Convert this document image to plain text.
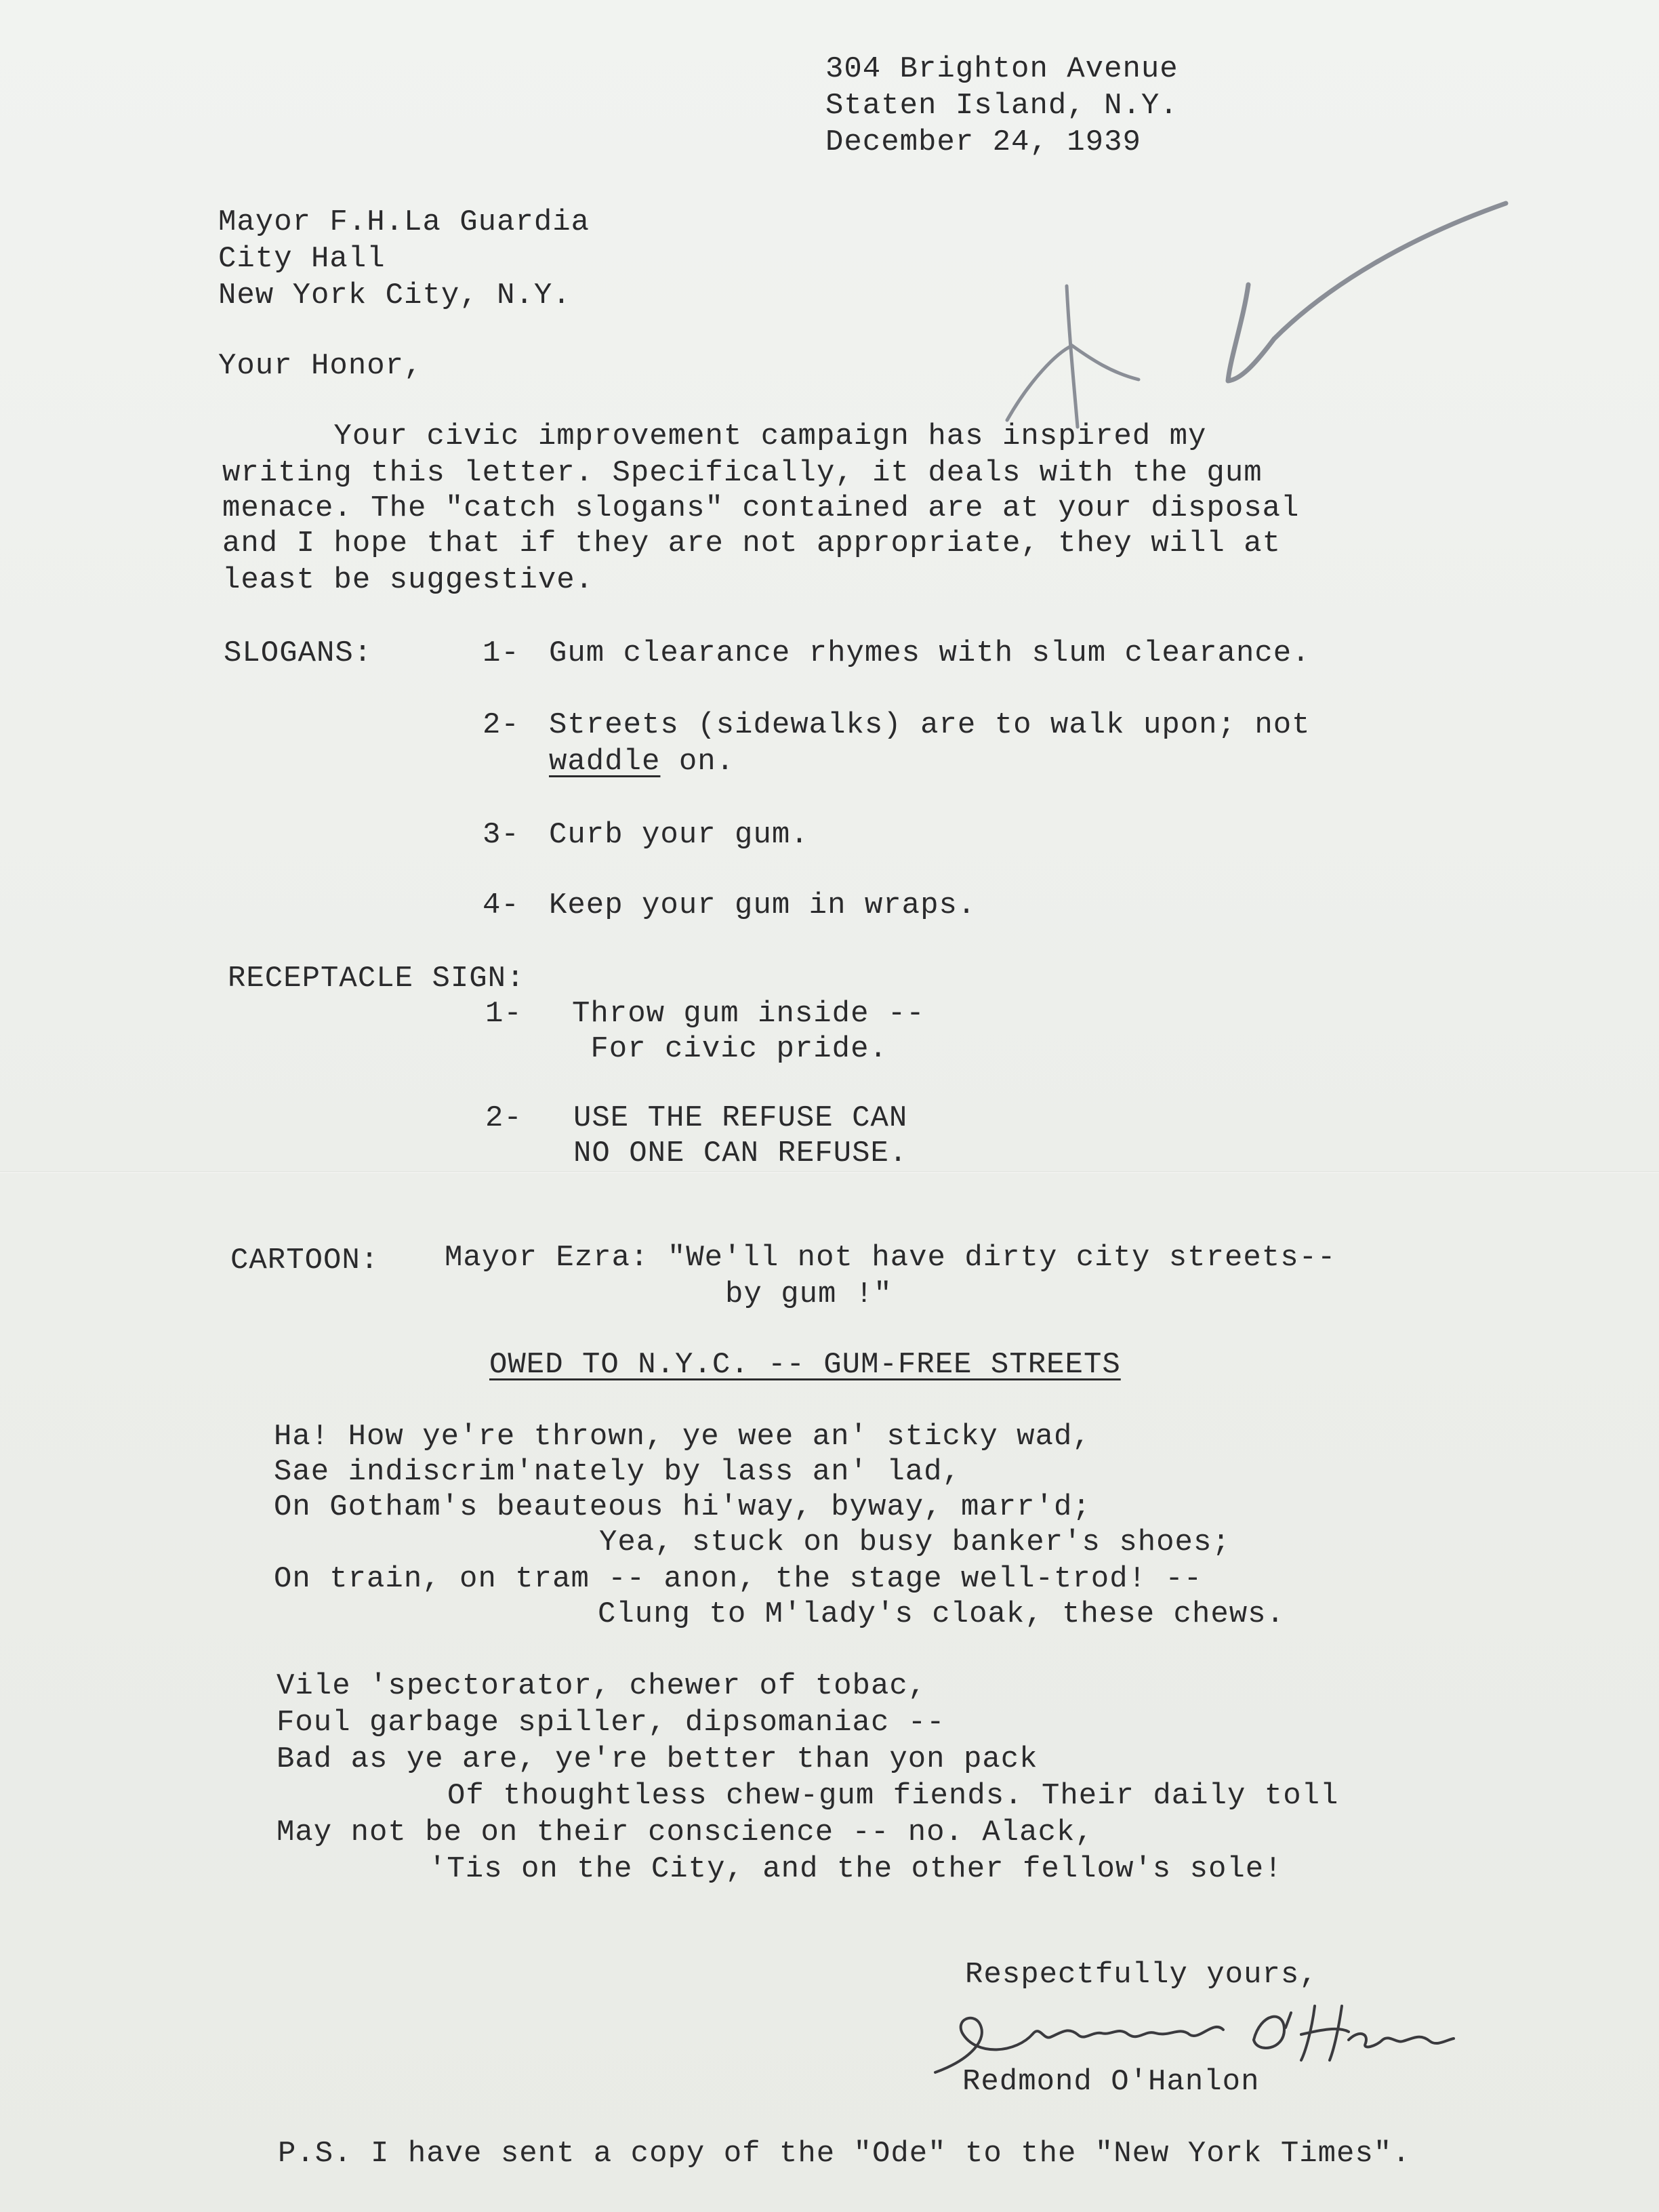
304 Brighton Avenue
Staten Island, N.Y.
December 24, 1939
Mayor F.H.La Guardia
City Hall
New York City, N.Y.
Your Honor,
Your civic improvement campaign has inspired my
writing this letter. Specifically, it deals with the gum
menace. The "catch slogans" contained are at your disposal
and I hope that if they are not appropriate, they will at
least be suggestive.
SLOGANS:	1- Gum clearance rhymes with slum clearance.
2- Streets (sidewalks) are to walk upon; not
waddle on.
3- Curb your gum.
4- Keep your gum in wraps.
RECEPTACLE SIGN:
1- Throw gum inside --
For civic pride.
2- USE THE REFUSE CAN
NO ONE CAN REFUSE.
CARTOON: Mayor Ezra: "We'll not have dirty city streets--
by gum !"
OWED TO N.Y.C. -- GUM-FREE STREETS
Ha! How ye're thrown, ye wee an' sticky wad,
Sae indiscrim'nately by lass an' lad,
On Gotham's beauteous hi'way, byway, marr'd;
Yea, stuck on busy banker's shoes;
On train, on tram -- anon, the stage well-trod! --
Clung to M'lady's cloak, these chews.
Vile 'spectorator, chewer of tobac,
Foul garbage spiller, dipsomaniac --
Bad as ye are, ye're better than yon pack
Of thoughtless chew-gum fiends. Their daily toll
May not be on their conscience -- no. Alack,
'Tis on the City, and the other fellow's sole!
Respectfully yours,
Redmond O'Hanlon
P.S. I have sent a copy of the "Ode" to the "New York Times".
